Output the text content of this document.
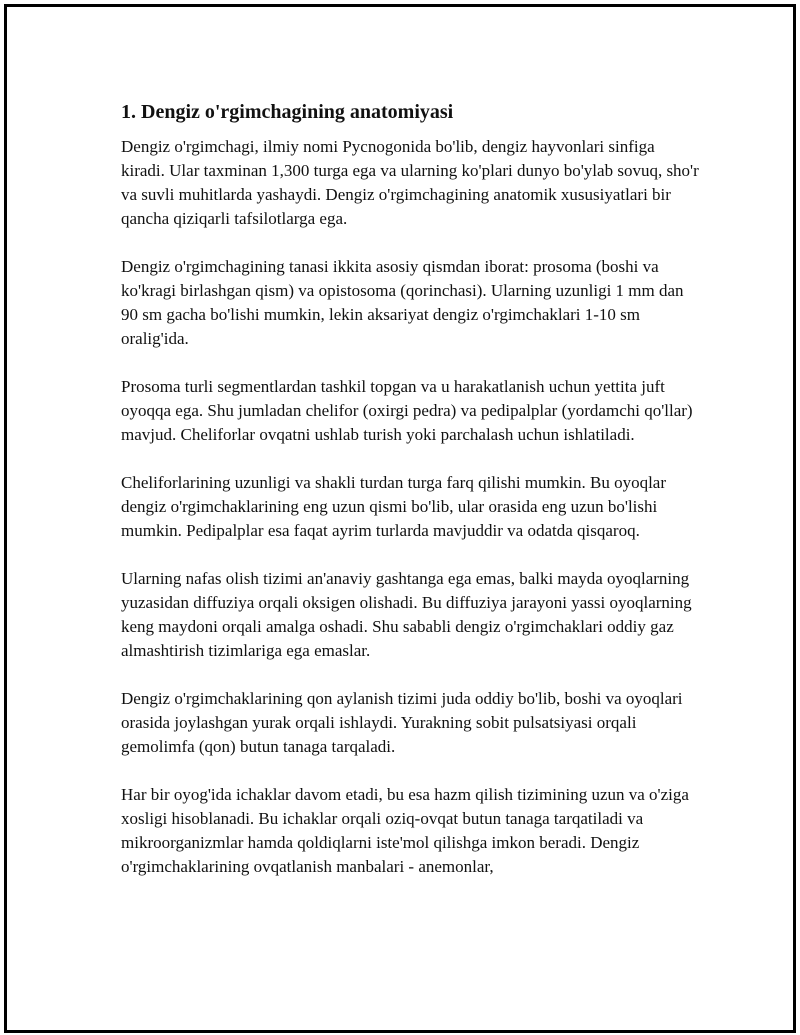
1. Dengiz o'rgimchagining anatomiyasi

Dengiz o'rgimchagi, ilmiy nomi Pycnogonida bo'lib, dengiz hayvonlari sinfiga kiradi. Ular taxminan 1,300 turga ega va ularning ko'plari dunyo bo'ylab sovuq, sho'r va suvli muhitlarda yashaydi. Dengiz o'rgimchagining anatomik xususiyatlari bir qancha qiziqarli tafsilotlarga ega.

Dengiz o'rgimchagining tanasi ikkita asosiy qismdan iborat: prosoma (boshi va ko'kragi birlashgan qism) va opistosoma (qorinchasi). Ularning uzunligi 1 mm dan 90 sm gacha bo'lishi mumkin, lekin aksariyat dengiz o'rgimchaklari 1-10 sm oralig'ida.

Prosoma turli segmentlardan tashkil topgan va u harakatlanish uchun yettita juft oyoqqa ega. Shu jumladan chelifor (oxirgi pedra) va pedipalplar (yordamchi qo'llar) mavjud. Cheliforlar ovqatni ushlab turish yoki parchalash uchun ishlatiladi.

Cheliforlarining uzunligi va shakli turdan turga farq qilishi mumkin. Bu oyoqlar dengiz o'rgimchaklarining eng uzun qismi bo'lib, ular orasida eng uzun bo'lishi mumkin. Pedipalplar esa faqat ayrim turlarda mavjuddir va odatda qisqaroq.

Ularning nafas olish tizimi an'anaviy gashtanga ega emas, balki mayda oyoqlarning yuzasidan diffuziya orqali oksigen olishadi. Bu diffuziya jarayoni yassi oyoqlarning keng maydoni orqali amalga oshadi. Shu sababli dengiz o'rgimchaklari oddiy gaz almashtirish tizimlariga ega emaslar.

Dengiz o'rgimchaklarining qon aylanish tizimi juda oddiy bo'lib, boshi va oyoqlari orasida joylashgan yurak orqali ishlaydi. Yurakning sobit pulsatsiyasi orqali gemolimfa (qon) butun tanaga tarqaladi.

Har bir oyog'ida ichaklar davom etadi, bu esa hazm qilish tizimining uzun va o'ziga xosligi hisoblanadi. Bu ichaklar orqali oziq-ovqat butun tanaga tarqatiladi va mikroorganizmlar hamda qoldiqlarni iste'mol qilishga imkon beradi. Dengiz o'rgimchaklarining ovqatlanish manbalari - anemonlar,
